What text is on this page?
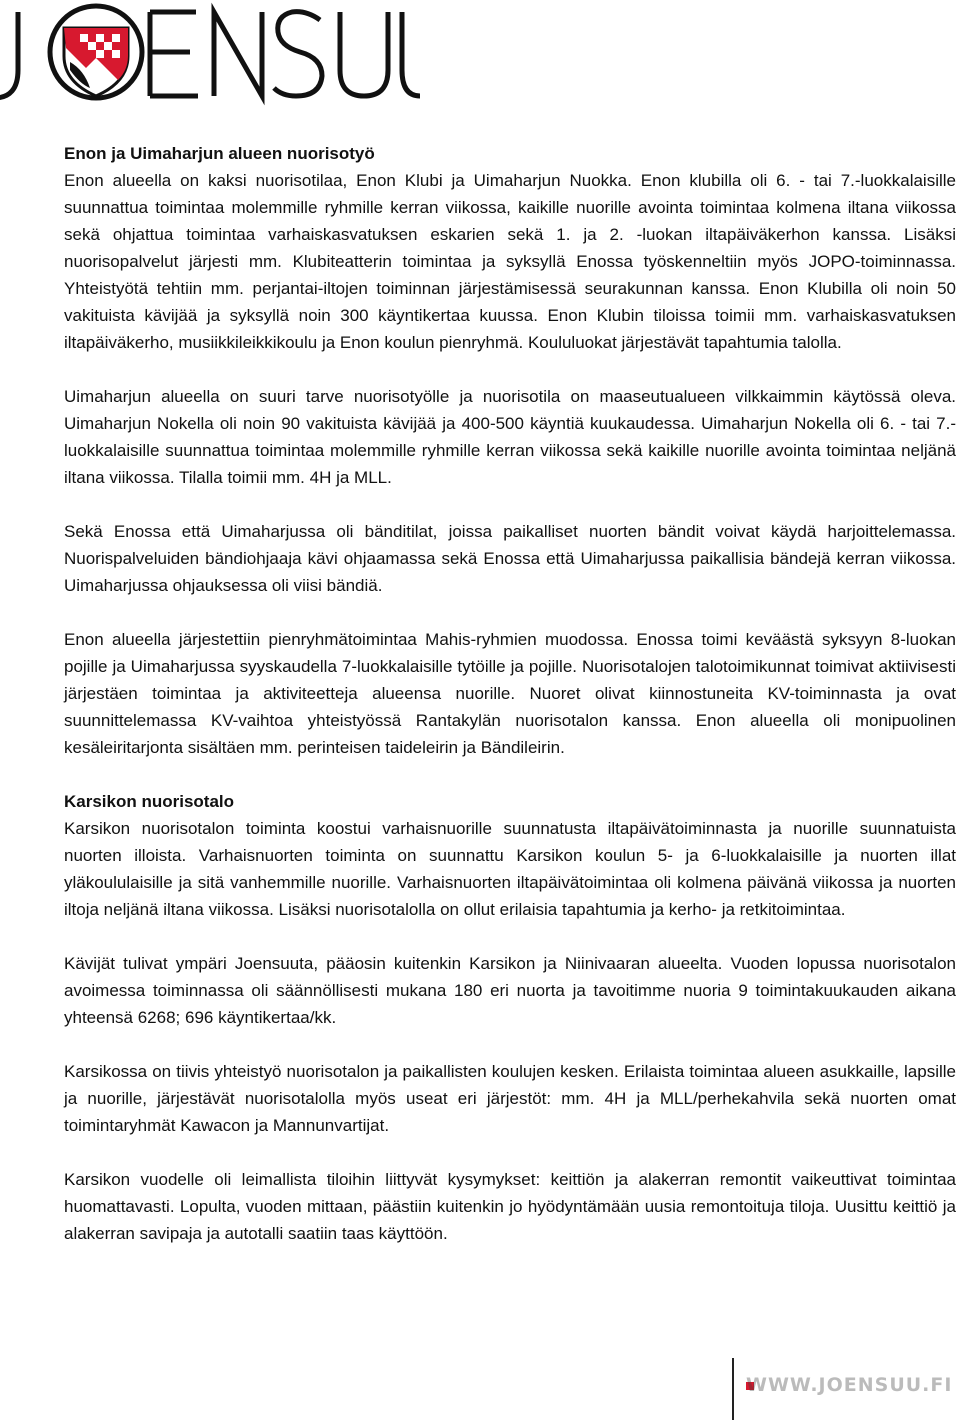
Enon ja Uimaharjun alueen nuorisotyö

Enon alueella on kaksi nuorisotilaa, Enon Klubi ja Uimaharjun Nuokka. Enon klubilla oli 6. - tai 7.-luokkalaisille suunnattua toimintaa molemmille ryhmille kerran viikossa, kaikille nuorille avointa toimintaa kolmena iltana viikossa sekä ohjattua toimintaa varhaiskasvatuksen eskarien sekä 1. ja 2. -luokan iltapäiväkerhon kanssa. Lisäksi nuorisopalvelut järjesti mm. Klubiteatterin toimintaa ja syksyllä Enossa työskenneltiin myös JOPO-toiminnassa. Yhteistyötä tehtiin mm. perjantai-iltojen toiminnan järjestämisessä seurakunnan kanssa. Enon Klubilla oli noin 50 vakituista kävijää ja syksyllä noin 300 käyntikertaa kuussa. Enon Klubin tiloissa toimii mm. varhaiskasvatuksen iltapäiväkerho, musiikkileikkikoulu ja Enon koulun pienryhmä. Koululuokat järjestävät tapahtumia talolla.

Uimaharjun alueella on suuri tarve nuorisotyölle ja nuorisotila on maaseutualueen vilkkaimmin käytössä oleva. Uimaharjun Nokella oli noin 90 vakituista kävijää ja 400-500 käyntiä kuukaudessa. Uimaharjun Nokella oli 6. - tai 7.-luokkalaisille suunnattua toimintaa molemmille ryhmille kerran viikossa sekä kaikille nuorille avointa toimintaa neljänä iltana viikossa. Tilalla toimii mm. 4H ja MLL.

Sekä Enossa että Uimaharjussa oli bänditilat, joissa paikalliset nuorten bändit voivat käydä harjoittelemassa. Nuorispalveluiden bändiohjaaja kävi ohjaamassa sekä Enossa että Uimaharjussa paikallisia bändejä kerran viikossa. Uimaharjussa ohjauksessa oli viisi bändiä.

Enon alueella järjestettiin pienryhmätoimintaa Mahis-ryhmien muodossa. Enossa toimi keväästä syksyyn 8-luokan pojille ja Uimaharjussa syyskaudella 7-luokkalaisille tytöille ja pojille. Nuorisotalojen talotoimikunnat toimivat aktiivisesti järjestäen toimintaa ja aktiviteetteja alueensa nuorille. Nuoret olivat kiinnostuneita KV-toiminnasta ja ovat suunnittelemassa KV-vaihtoa yhteistyössä Rantakylän nuorisotalon kanssa. Enon alueella oli monipuolinen kesäleiritarjonta sisältäen mm. perinteisen taideleirin ja Bändileirin.

Karsikon nuorisotalo

Karsikon nuorisotalon toiminta koostui varhaisnuorille suunnatusta iltapäivätoiminnasta ja nuorille suunnatuista nuorten illoista. Varhaisnuorten toiminta on suunnattu Karsikon koulun 5- ja 6-luokkalaisille ja nuorten illat yläkoululaisille ja sitä vanhemmille nuorille. Varhaisnuorten iltapäivätoimintaa oli kolmena päivänä viikossa ja nuorten iltoja neljänä iltana viikossa. Lisäksi nuorisotalolla on ollut erilaisia tapahtumia ja kerho- ja retkitoimintaa.

Kävijät tulivat ympäri Joensuuta, pääosin kuitenkin Karsikon ja Niinivaaran alueelta. Vuoden lopussa nuorisotalon avoimessa toiminnassa oli säännöllisesti mukana 180 eri nuorta ja tavoitimme nuoria 9 toimintakuukauden aikana yhteensä 6268; 696 käyntikertaa/kk.

Karsikossa on tiivis yhteistyö nuorisotalon ja paikallisten koulujen kesken. Erilaista toimintaa alueen asukkaille, lapsille ja nuorille, järjestävät nuorisotalolla myös useat eri järjestöt: mm. 4H ja MLL/perhekahvila sekä nuorten omat toimintaryhmät Kawacon ja Mannunvartijat.

Karsikon vuodelle oli leimallista tiloihin liittyvät kysymykset: keittiön ja alakerran remontit vaikeuttivat toimintaa huomattavasti. Lopulta, vuoden mittaan, päästiin kuitenkin jo hyödyntämään uusia remontoituja tiloja. Uusittu keittiö ja alakerran savipaja ja autotalli saatiin taas käyttöön.

WWW.JOENSUU.FI
